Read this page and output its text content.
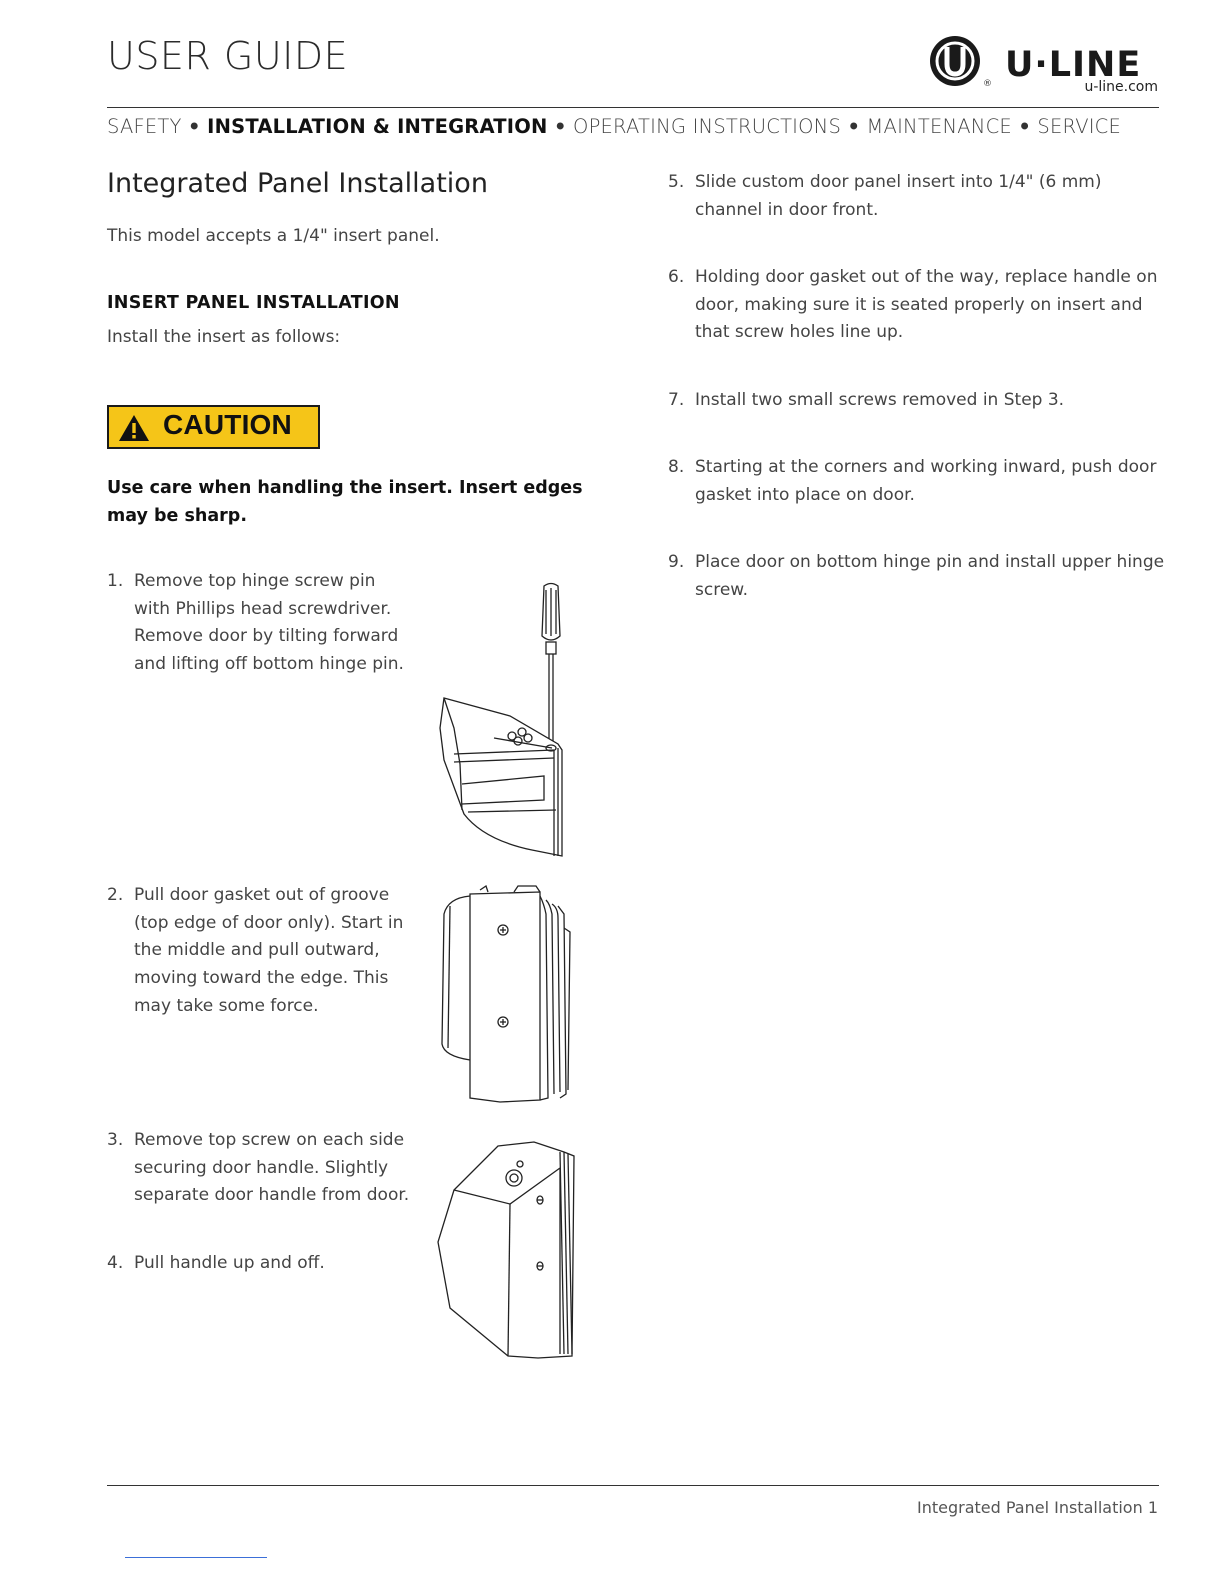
USER GUIDE
® U·LINE
u-line.com
SAFETY • INSTALLATION & INTEGRATION • OPERATING INSTRUCTIONS • MAINTENANCE • SERVICE
Integrated Panel Installation
This model accepts a 1/4" insert panel.
INSERT PANEL INSTALLATION
Install the insert as follows:
CAUTION
Use care when handling the insert. Insert edges may be sharp.
1. Remove top hinge screw pin with Phillips head screwdriver. Remove door by tilting forward and lifting off bottom hinge pin.
2. Pull door gasket out of groove (top edge of door only). Start in the middle and pull outward, moving toward the edge. This may take some force.
3. Remove top screw on each side securing door handle. Slightly separate door handle from door.
4. Pull handle up and off.
5. Slide custom door panel insert into 1/4" (6 mm) channel in door front.
6. Holding door gasket out of the way, replace handle on door, making sure it is seated properly on insert and that screw holes line up.
7. Install two small screws removed in Step 3.
8. Starting at the corners and working inward, push door gasket into place on door.
9. Place door on bottom hinge pin and install upper hinge screw.
Integrated Panel Installation 1
